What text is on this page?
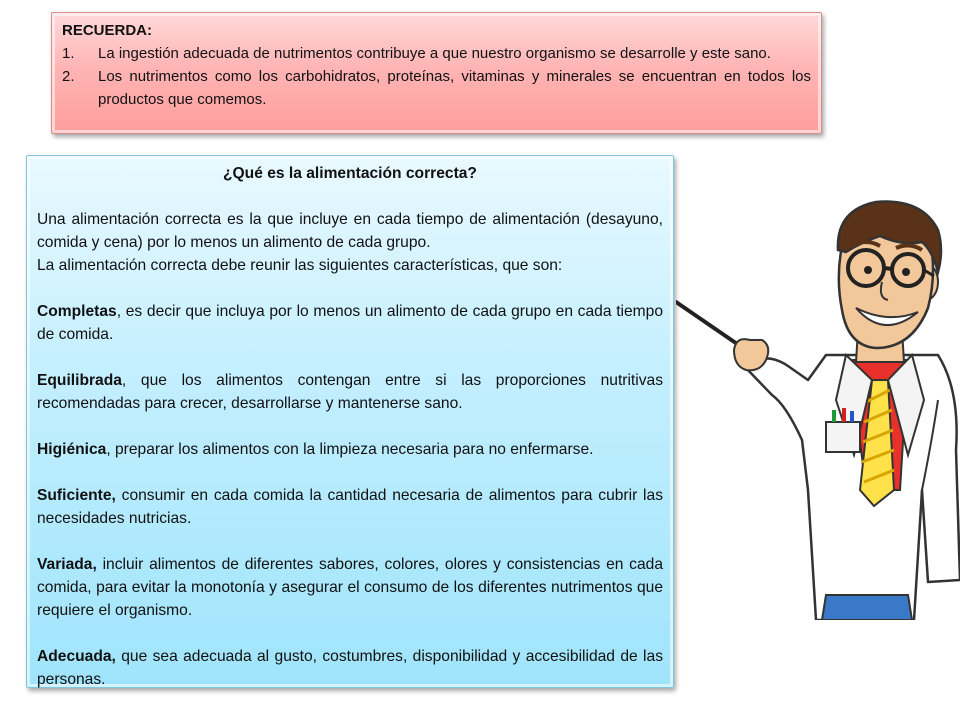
RECUERDA:
1.	La ingestión adecuada de nutrimentos contribuye a que nuestro organismo se desarrolle y este sano.
2.	Los nutrimentos como los carbohidratos, proteínas, vitaminas y minerales se encuentran en todos los productos que comemos.

¿Qué es la alimentación correcta?

Una alimentación correcta es la que incluye en cada tiempo de alimentación (desayuno, comida y cena) por lo menos un alimento de cada grupo.

La alimentación correcta debe reunir las siguientes características, que son:

Completas, es decir que incluya por lo menos un alimento de cada grupo en cada tiempo de comida.

Equilibrada, que los alimentos contengan entre si las proporciones nutritivas recomendadas para crecer, desarrollarse y mantenerse sano.

Higiénica, preparar los alimentos con la limpieza necesaria para no enfermarse.

Suficiente, consumir en cada comida la cantidad necesaria de alimentos para cubrir las necesidades nutricias.

Variada, incluir alimentos de diferentes sabores, colores, olores y consistencias en cada comida, para evitar la monotonía y asegurar el consumo de los diferentes nutrimentos que requiere el organismo.

Adecuada, que sea adecuada al gusto, costumbres, disponibilidad y accesibilidad de las personas.
